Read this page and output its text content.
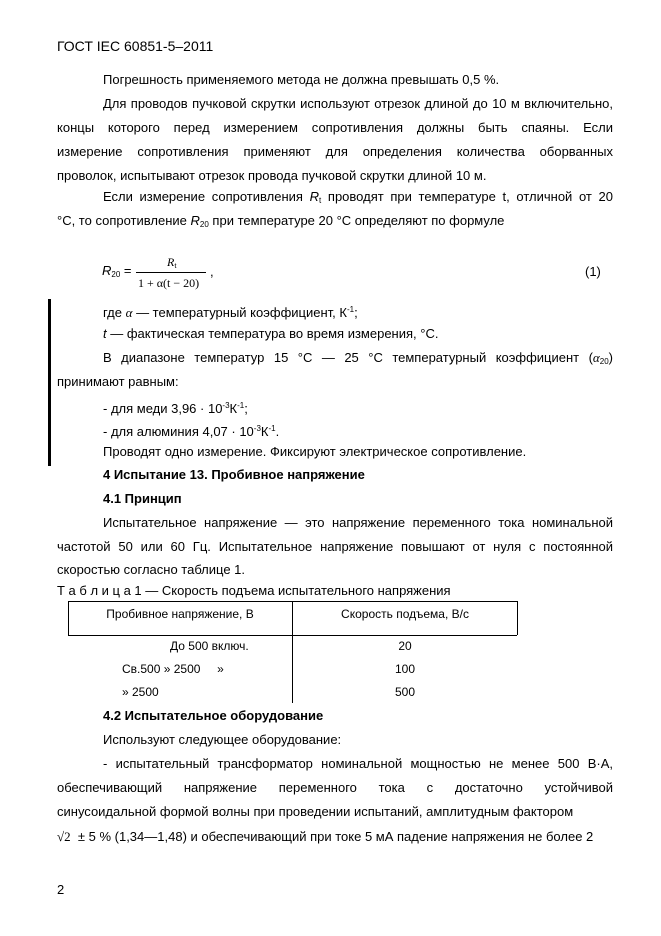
ГОСТ IEC 60851-5–2011
Погрешность применяемого метода не должна превышать 0,5 %.
Для проводов пучковой скрутки используют отрезок длиной до 10 м включительно,
концы которого перед измерением сопротивления должны быть спаяны. Если
измерение сопротивления применяют для определения количества оборванных
проволок, испытывают отрезок провода пучковой скрутки длиной 10 м.
Если измерение сопротивления $R_t$ проводят при температуре t, отличной от 20
°С, то сопротивление $R_{20}$ при температуре 20 °С определяют по формуле
$R_{20}$ =
$R_t$
1 + α(t − 20)
,	(1)
где α — температурный коэффициент, $К^{-1}$;
t — фактическая температура во время измерения, °С.
В диапазоне температур 15 °С — 25 °С температурный коэффициент $(\alpha_{20})$
принимают равным:
- для меди $3,96 \cdot 10^{-3}К^{-1}$;
- для алюминия $4,07 \cdot 10^{-3}К^{-1}$.
Проводят одно измерение. Фиксируют электрическое сопротивление.
4 Испытание 13. Пробивное напряжение
4.1 Принцип
Испытательное напряжение — это напряжение переменного тока номинальной
частотой 50 или 60 Гц. Испытательное напряжение повышают от нуля с постоянной
скоростью согласно таблице 1.
Т а б л и ц а 1 — Скорость подъема испытательного напряжения
Пробивное напряжение, В	Скорость подъема, В/с
До 500 включ.	20
Св.500 » 2500     »	100
» 2500	500
4.2 Испытательное оборудование
Используют следующее оборудование:
- испытательный трансформатор номинальной мощностью не менее 500 В·А,
обеспечивающий напряжение переменного тока с достаточно устойчивой
синусоидальной формой волны при проведении испытаний, амплитудным фактором
√2 ± 5 % (1,34—1,48) и обеспечивающий при токе 5 мА падение напряжения не более 2
2
